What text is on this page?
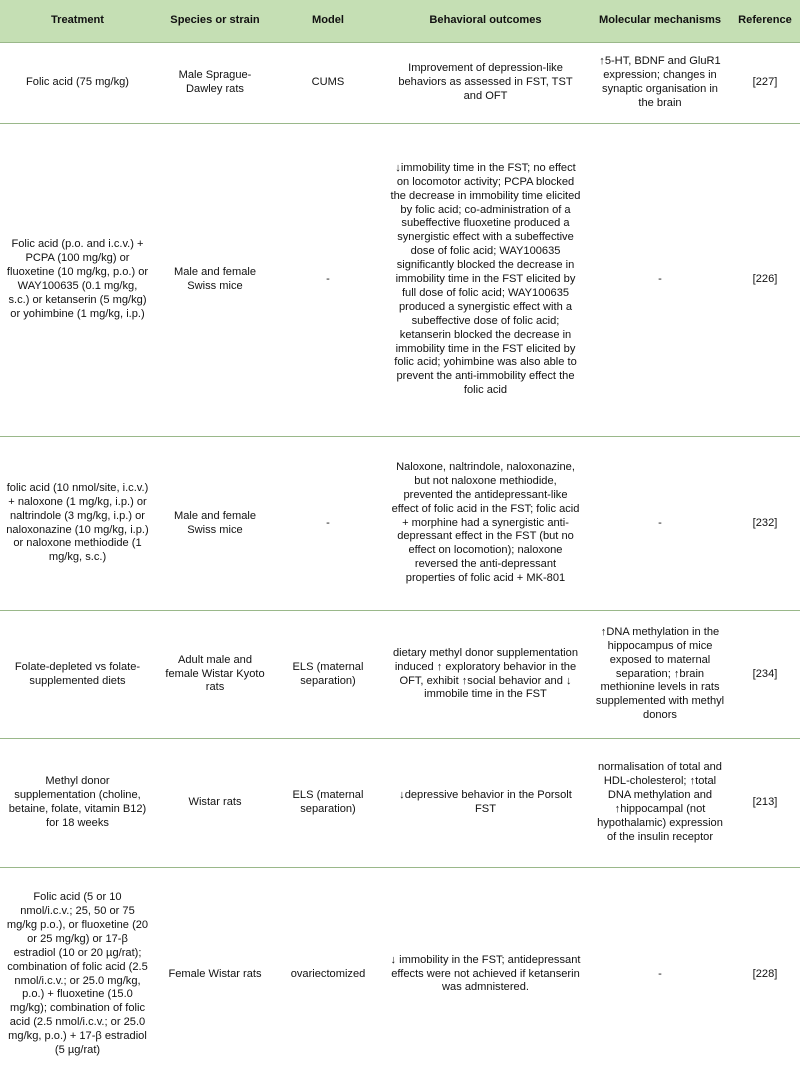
Treatment	Species or strain	Model	Behavioral outcomes	Molecular mechanisms	Reference
Folic acid (75 mg/kg)	Male Sprague-Dawley rats	CUMS	Improvement of depression-like behaviors as assessed in FST, TST and OFT	↑5-HT, BDNF and GluR1 expression; changes in synaptic organisation in the brain	[227]
Folic acid (p.o. and i.c.v.) + PCPA (100 mg/kg) or fluoxetine (10 mg/kg, p.o.) or WAY100635 (0.1 mg/kg, s.c.) or ketanserin (5 mg/kg) or yohimbine (1 mg/kg, i.p.)	Male and female Swiss mice	-	↓immobility time in the FST; no effect on locomotor activity; PCPA blocked the decrease in immobility time elicited by folic acid; co-administration of a subeffective fluoxetine produced a synergistic effect with a subeffective dose of folic acid; WAY100635 significantly blocked the decrease in immobility time in the FST elicited by full dose of folic acid; WAY100635 produced a synergistic effect with a subeffective dose of folic acid; ketanserin blocked the decrease in immobility time in the FST elicited by folic acid; yohimbine was also able to prevent the anti-immobility effect the folic acid	-	[226]
folic acid (10 nmol/site, i.c.v.) + naloxone (1 mg/kg, i.p.) or naltrindole (3 mg/kg, i.p.) or naloxonazine (10 mg/kg, i.p.) or naloxone methiodide (1 mg/kg, s.c.)	Male and female Swiss mice	-	Naloxone, naltrindole, naloxonazine, but not naloxone methiodide, prevented the antidepressant-like effect of folic acid in the FST; folic acid + morphine had a synergistic anti-depressant effect in the FST (but no effect on locomotion); naloxone reversed the anti-depressant properties of folic acid + MK-801	-	[232]
Folate-depleted vs folate-supplemented diets	Adult male and female Wistar Kyoto rats	ELS (maternal separation)	dietary methyl donor supplementation induced ↑ exploratory behavior in the OFT, exhibit ↑social behavior and ↓ immobile time in the FST	↑DNA methylation in the hippocampus of mice exposed to maternal separation; ↑brain methionine levels in rats supplemented with methyl donors	[234]
Methyl donor supplementation (choline, betaine, folate, vitamin B12) for 18 weeks	Wistar rats	ELS (maternal separation)	↓depressive behavior in the Porsolt FST	normalisation of total and HDL-cholesterol; ↑total DNA methylation and ↑hippocampal (not hypothalamic) expression of the insulin receptor	[213]
Folic acid (5 or 10 nmol/i.c.v.; 25, 50 or 75 mg/kg p.o.), or fluoxetine (20 or 25 mg/kg) or 17-β estradiol (10 or 20 µg/rat); combination of folic acid (2.5 nmol/i.c.v.; or 25.0 mg/kg, p.o.) + fluoxetine (15.0 mg/kg); combination of folic acid (2.5 nmol/i.c.v.; or 25.0 mg/kg, p.o.) + 17-β estradiol (5 µg/rat)	Female Wistar rats	ovariectomized	↓ immobility in the FST; antidepressant effects were not achieved if ketanserin was admnistered.	-	[228]
